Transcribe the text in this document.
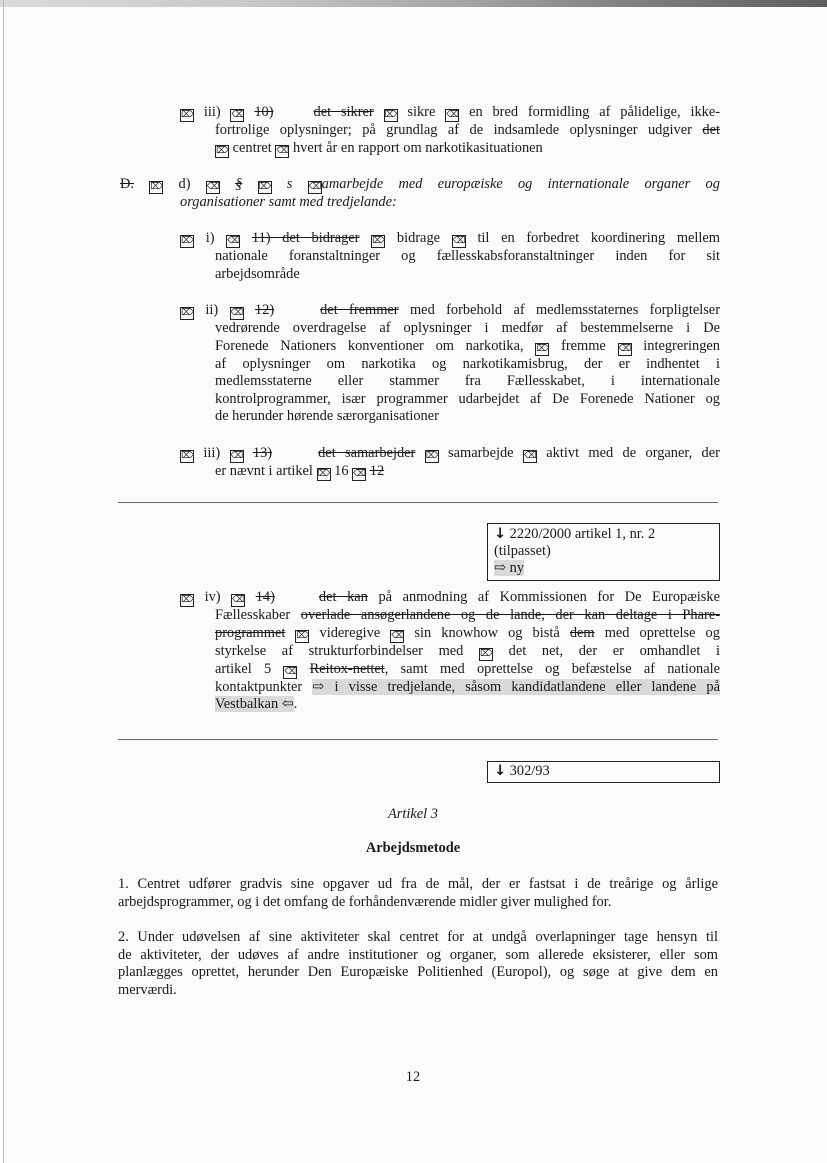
⌦ iii) ⌫ 10)	det sikrer ⌦ sikre ⌫ en bred formidling af pålidelige, ikke-
fortrolige oplysninger; på grundlag af de indsamlede oplysninger udgiver det
⌦ centret ⌫ hvert år en rapport om narkotikasituationen
D. ⌦ d) ⌫ § ⌦ s ⌫amarbejde med europæiske og internationale organer og
organisationer samt med tredjelande:
⌦ i) ⌫ 11) det bidrager ⌦ bidrage ⌫ til en forbedret koordinering mellem
nationale foranstaltninger og fællesskabsforanstaltninger inden for sit
arbejdsområde
⌦ ii) ⌫ 12)	det fremmer med forbehold af medlemsstaternes forpligtelser
vedrørende overdragelse af oplysninger i medfør af bestemmelserne i De
Forenede Nationers konventioner om narkotika, ⌦ fremme ⌫ integreringen
af oplysninger om narkotika og narkotikamisbrug, der er indhentet i
medlemsstaterne eller stammer fra Fællesskabet, i internationale
kontrolprogrammer, især programmer udarbejdet af De Forenede Nationer og
de herunder hørende særorganisationer
⌦ iii) ⌫ 13)	det samarbejder ⌦ samarbejde ⌫ aktivt med de organer, der
er nævnt i artikel ⌦ 16 ⌫ 12
↓ 2220/2000 artikel 1, nr. 2
(tilpasset)
⇨ ny
⌦ iv) ⌫ 14)	det kan på anmodning af Kommissionen for De Europæiske
Fællesskaber overlade ansøgerlandene og de lande, der kan deltage i Phare-
programmet ⌦ videregive ⌫ sin knowhow og bistå dem med oprettelse og
styrkelse af strukturforbindelser med ⌦ det net, der er omhandlet i
artikel 5 ⌫ Reitox-nettet, samt med oprettelse og befæstelse af nationale
kontaktpunkter ⇨ i visse tredjelande, såsom kandidatlandene eller landene på
Vestbalkan ⇦.
↓ 302/93
Artikel 3
Arbejdsmetode
1. Centret udfører gradvis sine opgaver ud fra de mål, der er fastsat i de treårige og årlige
arbejdsprogrammer, og i det omfang de forhåndenværende midler giver mulighed for.
2. Under udøvelsen af sine aktiviteter skal centret for at undgå overlapninger tage hensyn til
de aktiviteter, der udøves af andre institutioner og organer, som allerede eksisterer, eller som
planlægges oprettet, herunder Den Europæiske Politienhed (Europol), og søge at give dem en
merværdi.
12
